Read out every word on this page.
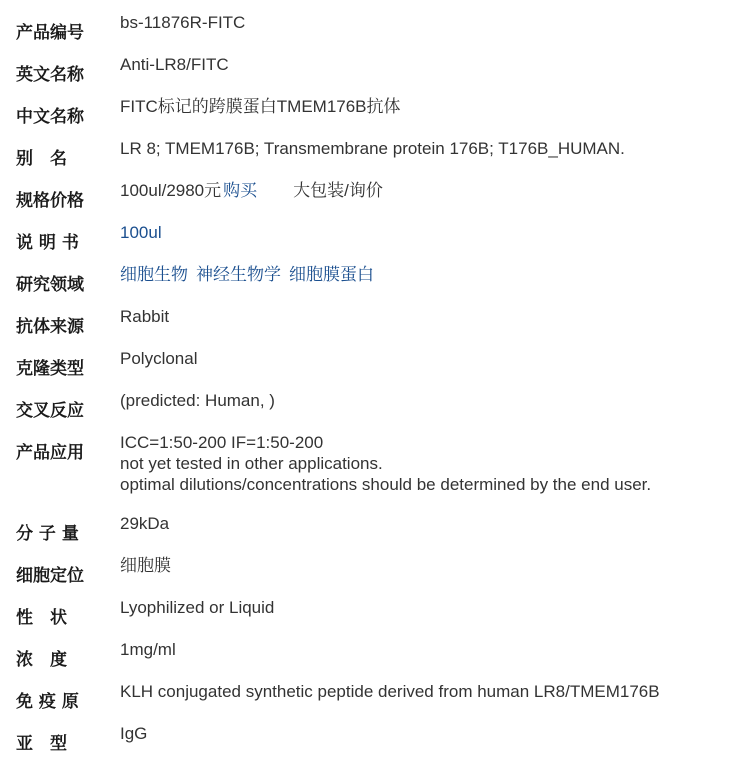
产品编号
bs-11876R-FITC
英文名称
Anti-LR8/FITC
中文名称
FITC标记的跨膜蛋白TMEM176B抗体
别　名
LR 8; TMEM176B; Transmembrane protein 176B; T176B_HUMAN.
规格价格
100ul/2980元 购买 大包装/询价
说 明 书
100ul
研究领域
细胞生物 神经生物学 细胞膜蛋白
抗体来源
Rabbit
克隆类型
Polyclonal
交叉反应
(predicted: Human, )
产品应用
ICC=1:50-200 IF=1:50-200
not yet tested in other applications.
optimal dilutions/concentrations should be determined by the end user.
分 子 量
29kDa
细胞定位
细胞膜
性　状
Lyophilized or Liquid
浓　度
1mg/ml
免 疫 原
KLH conjugated synthetic peptide derived from human LR8/TMEM176B
亚　型
IgG
